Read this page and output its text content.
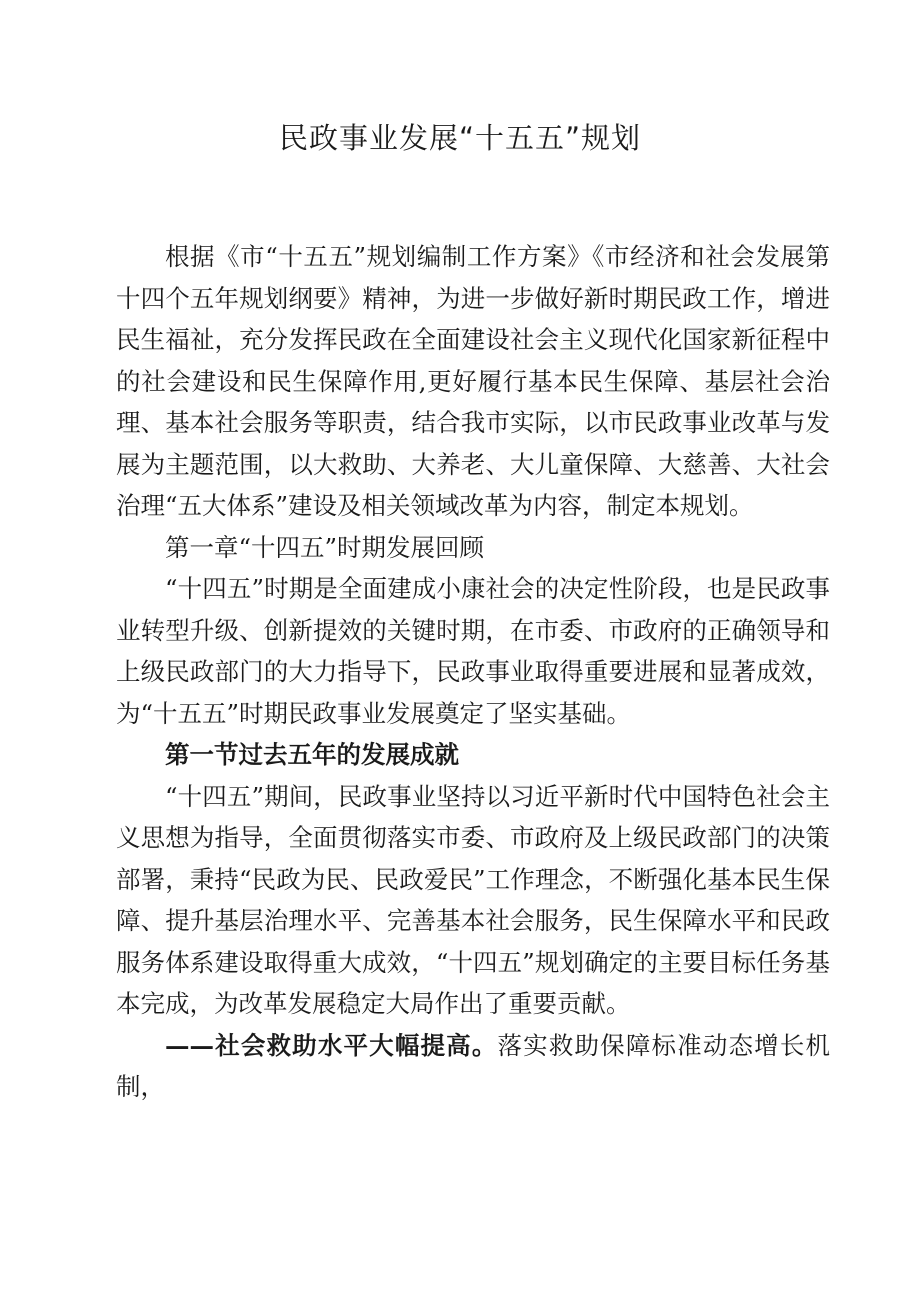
民政事业发展“十五五”规划

根据《市“十五五”规划编制工作方案》《市经济和社会发展第十四个五年规划纲要》精神，为进一步做好新时期民政工作，增进民生福祉，充分发挥民政在全面建设社会主义现代化国家新征程中的社会建设和民生保障作用,更好履行基本民生保障、基层社会治理、基本社会服务等职责，结合我市实际，以市民政事业改革与发展为主题范围，以大救助、大养老、大儿童保障、大慈善、大社会治理“五大体系”建设及相关领域改革为内容，制定本规划。

第一章“十四五”时期发展回顾

“十四五”时期是全面建成小康社会的决定性阶段，也是民政事业转型升级、创新提效的关键时期，在市委、市政府的正确领导和上级民政部门的大力指导下，民政事业取得重要进展和显著成效，为“十五五”时期民政事业发展奠定了坚实基础。

第一节过去五年的发展成就

“十四五”期间，民政事业坚持以习近平新时代中国特色社会主义思想为指导，全面贯彻落实市委、市政府及上级民政部门的决策部署，秉持“民政为民、民政爱民”工作理念，不断强化基本民生保障、提升基层治理水平、完善基本社会服务，民生保障水平和民政服务体系建设取得重大成效，“十四五”规划确定的主要目标任务基本完成，为改革发展稳定大局作出了重要贡献。

——社会救助水平大幅提高。落实救助保障标准动态增长机制，
